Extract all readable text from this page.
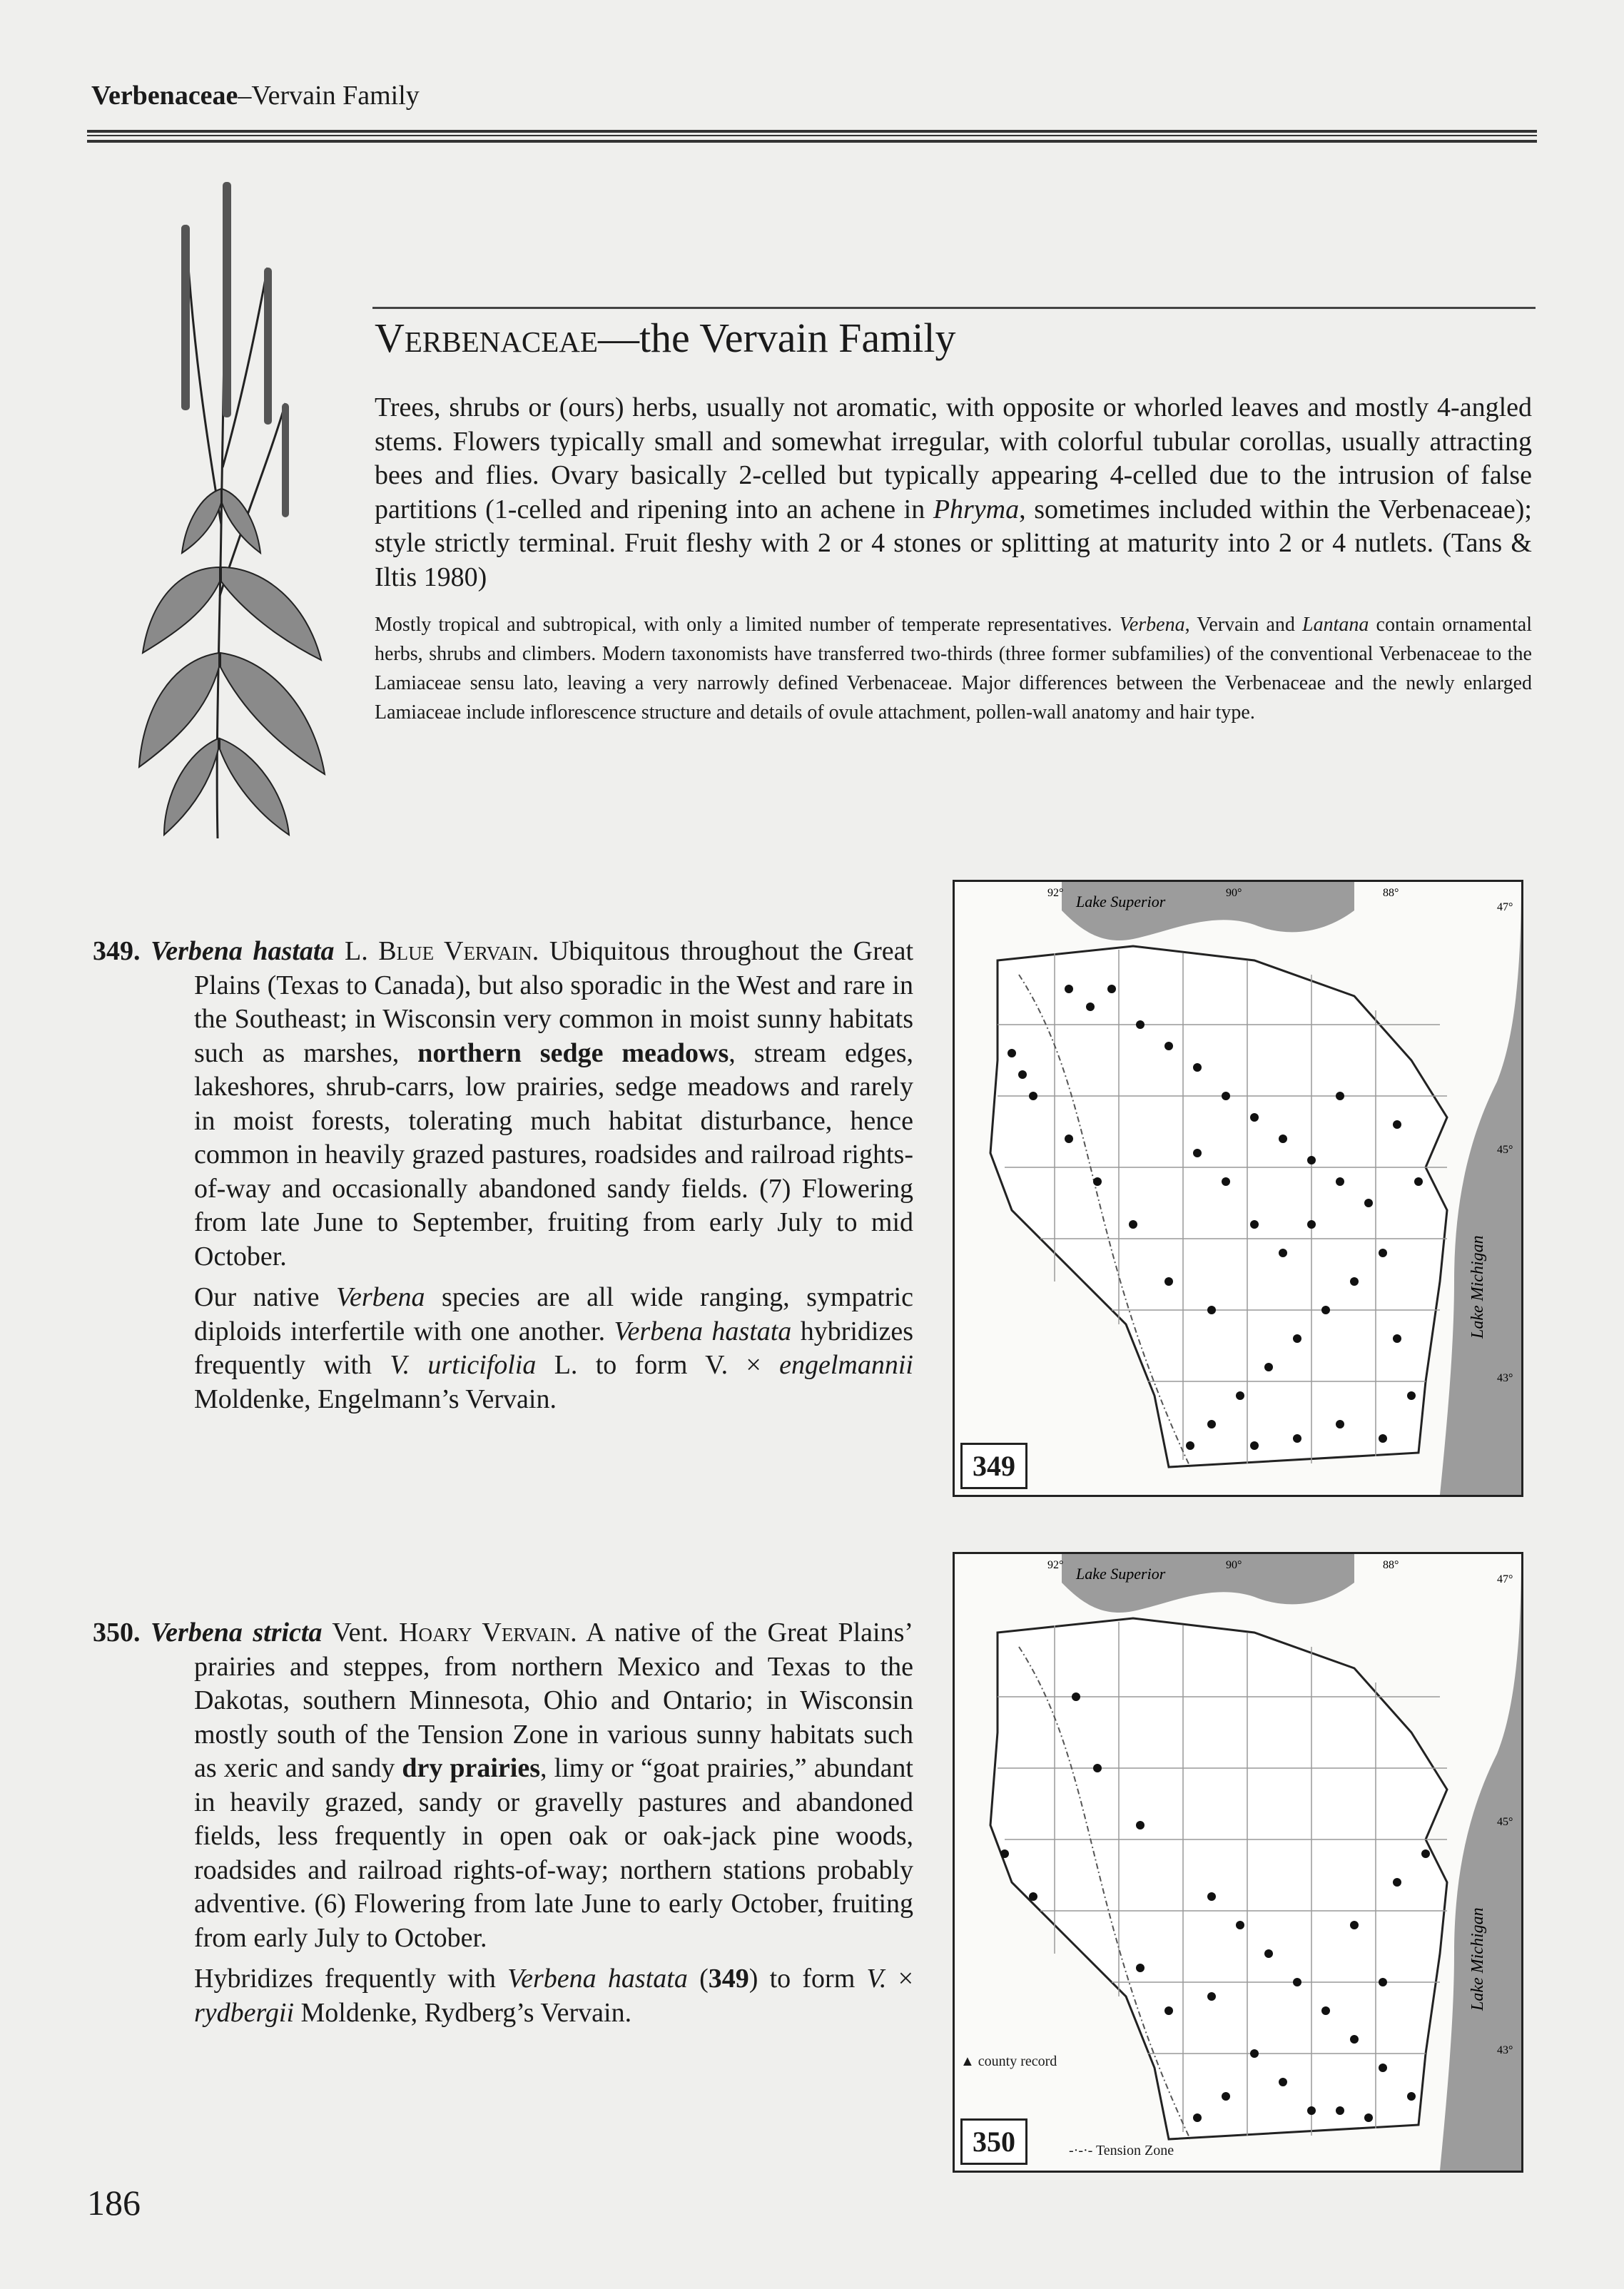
Verbenaceae–Vervain Family
Verbenaceae—the Vervain Family
Trees, shrubs or (ours) herbs, usually not aromatic, with opposite or whorled leaves and mostly 4-angled stems. Flowers typically small and somewhat irregular, with colorful tubular corollas, usually attracting bees and flies. Ovary basically 2-celled but typically appearing 4-celled due to the intrusion of false partitions (1-celled and ripening into an achene in Phryma, sometimes included within the Verbenaceae); style strictly terminal. Fruit fleshy with 2 or 4 stones or splitting at maturity into 2 or 4 nutlets. (Tans & Iltis 1980)
Mostly tropical and subtropical, with only a limited number of temperate representatives. Verbena, Vervain and Lantana contain ornamental herbs, shrubs and climbers. Modern taxonomists have transferred two-thirds (three former subfamilies) of the conventional Verbenaceae to the Lamiaceae sensu lato, leaving a very narrowly defined Verbenaceae. Major differences between the Verbenaceae and the newly enlarged Lamiaceae include inflorescence structure and details of ovule attachment, pollen-wall anatomy and hair type.

349. Verbena hastata L. Blue Vervain. Ubiquitous throughout the Great Plains (Texas to Canada), but also sporadic in the West and rare in the Southeast; in Wisconsin very common in moist sunny habitats such as marshes, northern sedge meadows, stream edges, lakeshores, shrub-carrs, low prairies, sedge meadows and rarely in moist forests, tolerating much habitat disturbance, hence common in heavily grazed pastures, roadsides and railroad rights-of-way and occasionally abandoned sandy fields. (7) Flowering from late June to September, fruiting from early July to mid October.

Our native Verbena species are all wide ranging, sympatric diploids interfertile with one another. Verbena hastata hybridizes frequently with V. urticifolia L. to form V. × engelmannii Moldenke, Engelmann’s Vervain.

350. Verbena stricta Vent. Hoary Vervain. A native of the Great Plains’ prairies and steppes, from northern Mexico and Texas to the Dakotas, southern Minnesota, Ohio and Ontario; in Wisconsin mostly south of the Tension Zone in various sunny habitats such as xeric and sandy dry prairies, limy or “goat prairies,” abundant in heavily grazed, sandy or gravelly pastures and abandoned fields, less frequently in open oak or oak-jack pine woods, roadsides and railroad rights-of-way; northern stations probably adventive. (6) Flowering from late June to early October, fruiting from early July to October.

Hybridizes frequently with Verbena hastata (349) to form V. × rydbergii Moldenke, Rydberg’s Vervain.

Lake Superior
Lake Michigan
92°	90°	88°
47°
45°
43°
349
Lake Superior
Lake Michigan
92°	90°	88°
47°
45°
43°
▲ county record
-·-·- Tension Zone
350
186
